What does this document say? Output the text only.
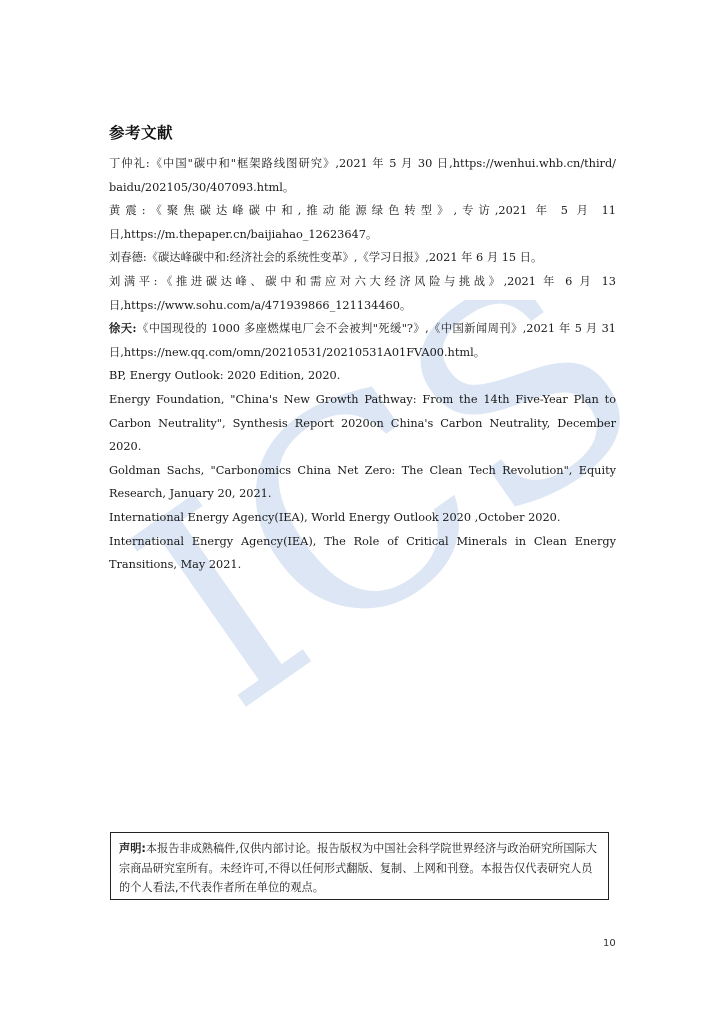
ICS
参考文献

丁仲礼:《中国"碳中和"框架路线图研究》,2021 年 5 月 30 日,https://wenhui.whb.cn/third/ baidu/202105/30/407093.html。

黄震:《聚焦碳达峰碳中和,推动能源绿色转型》,专访,2021 年 5 月 11 日,https://m.thepaper.cn/baijiahao_12623647。

刘春德:《碳达峰碳中和:经济社会的系统性变革》,《学习日报》,2021 年 6 月 15 日。

刘满平:《推进碳达峰、碳中和需应对六大经济风险与挑战》,2021 年 6 月 13 日,https://www.sohu.com/a/471939866_121134460。

徐天:《中国现役的 1000 多座燃煤电厂会不会被判"死缓"?》,《中国新闻周刊》,2021 年 5 月 31 日,https://new.qq.com/omn/20210531/20210531A01FVA00.html。

BP, Energy Outlook: 2020 Edition, 2020.

Energy Foundation, "China's New Growth Pathway: From the 14th Five-Year Plan to Carbon Neutrality", Synthesis Report 2020on China's Carbon Neutrality, December 2020.

Goldman Sachs, "Carbonomics China Net Zero: The Clean Tech Revolution", Equity Research, January 20, 2021.

International Energy Agency(IEA), World Energy Outlook 2020 ,October 2020.

International Energy Agency(IEA), The Role of Critical Minerals in Clean Energy Transitions, May 2021.

声明:本报告非成熟稿件,仅供内部讨论。报告版权为中国社会科学院世界经济与政治研究所国际大宗商品研究室所有。未经许可,不得以任何形式翻版、复制、上网和刊登。本报告仅代表研究人员的个人看法,不代表作者所在单位的观点。
10
